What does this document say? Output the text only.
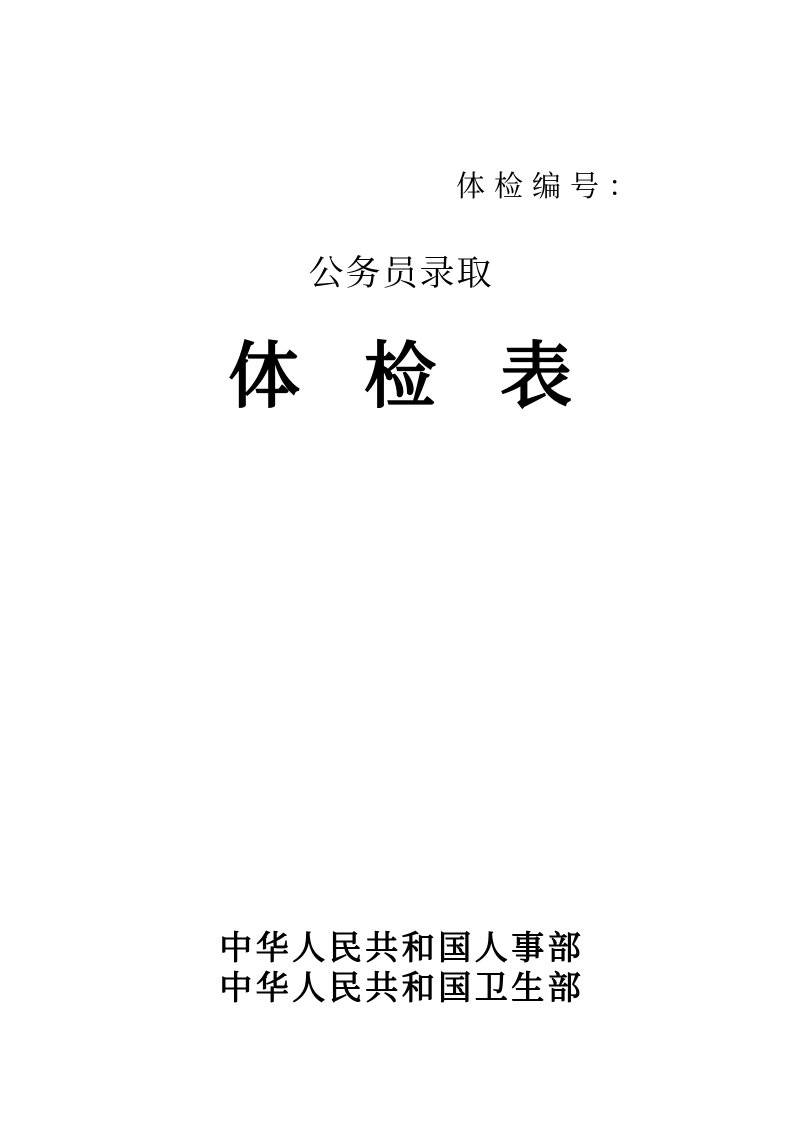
体检编号：
公务员录取
体检表
中华人民共和国人事部
中华人民共和国卫生部
